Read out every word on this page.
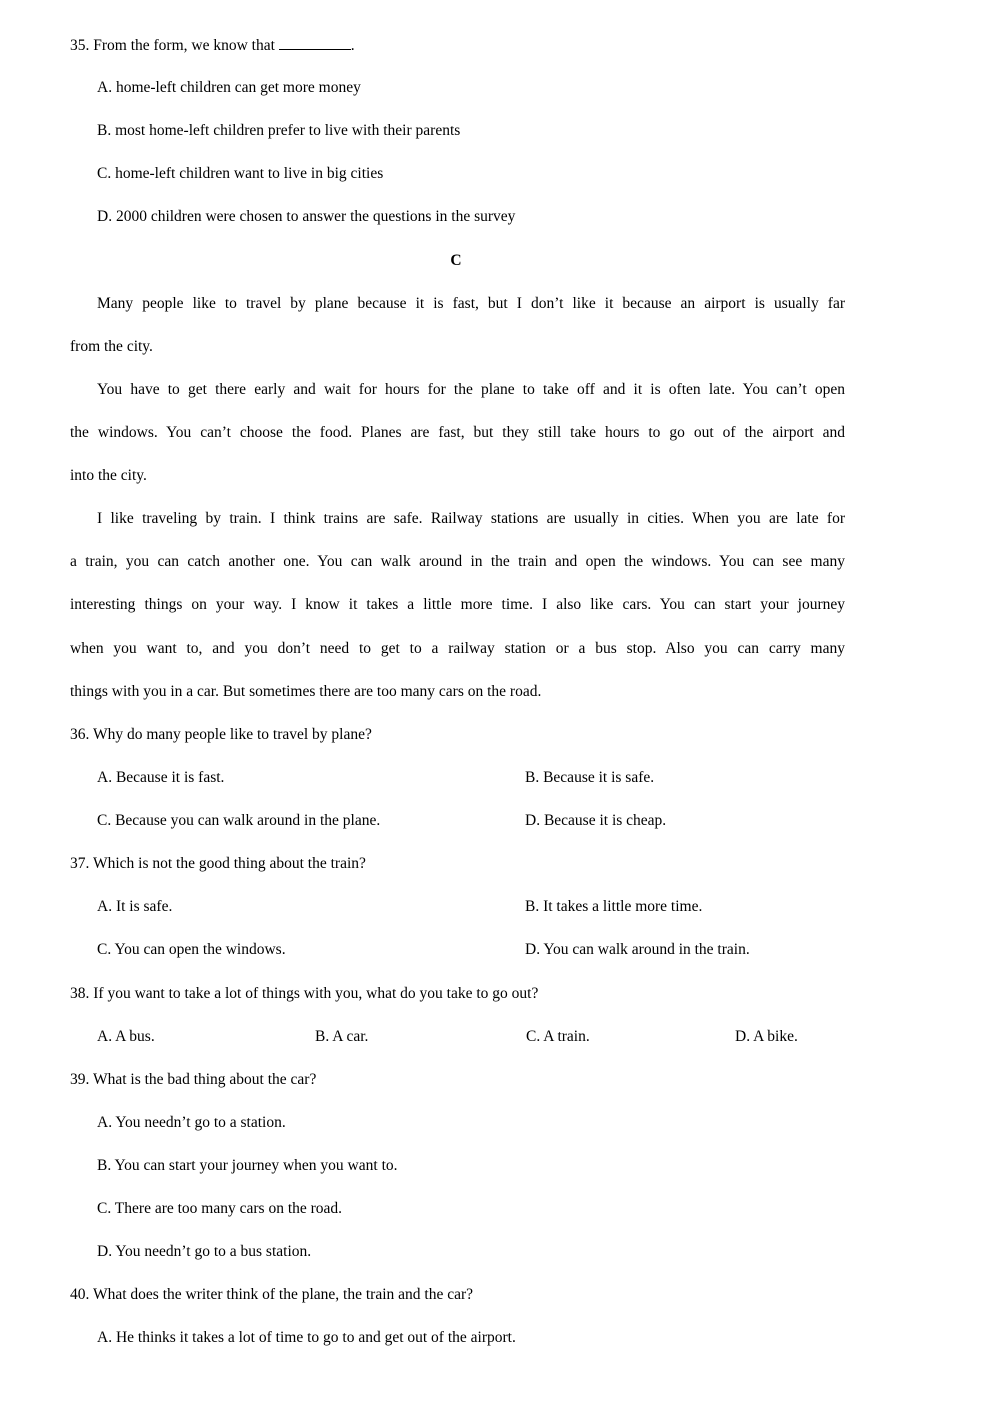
35. From the form, we know that	.
A. home-left children can get more money
B. most home-left children prefer to live with their parents
C. home-left children want to live in big cities
D. 2000 children were chosen to answer the questions in the survey
C
Many people like to travel by plane because it is fast, but I don’t like it because an airport is usually far
from the city.
You have to get there early and wait for hours for the plane to take off and it is often late. You can’t open
the windows. You can’t choose the food. Planes are fast, but they still take hours to go out of the airport and
into the city.
I like traveling by train. I think trains are safe. Railway stations are usually in cities. When you are late for
a train, you can catch another one. You can walk around in the train and open the windows. You can see many
interesting things on your way. I know it takes a little more time. I also like cars. You can start your journey
when you want to, and you don’t need to get to a railway station or a bus stop. Also you can carry many
things with you in a car. But sometimes there are too many cars on the road.
36. Why do many people like to travel by plane?
A. Because it is fast.	B. Because it is safe.
C. Because you can walk around in the plane.	D. Because it is cheap.
37. Which is not the good thing about the train?
A. It is safe.	B. It takes a little more time.
C. You can open the windows.	D. You can walk around in the train.
38. If you want to take a lot of things with you, what do you take to go out?
A. A bus.	B. A car.	C. A train.	D. A bike.
39. What is the bad thing about the car?
A. You needn’t go to a station.
B. You can start your journey when you want to.
C. There are too many cars on the road.
D. You needn’t go to a bus station.
40. What does the writer think of the plane, the train and the car?
A. He thinks it takes a lot of time to go to and get out of the airport.
